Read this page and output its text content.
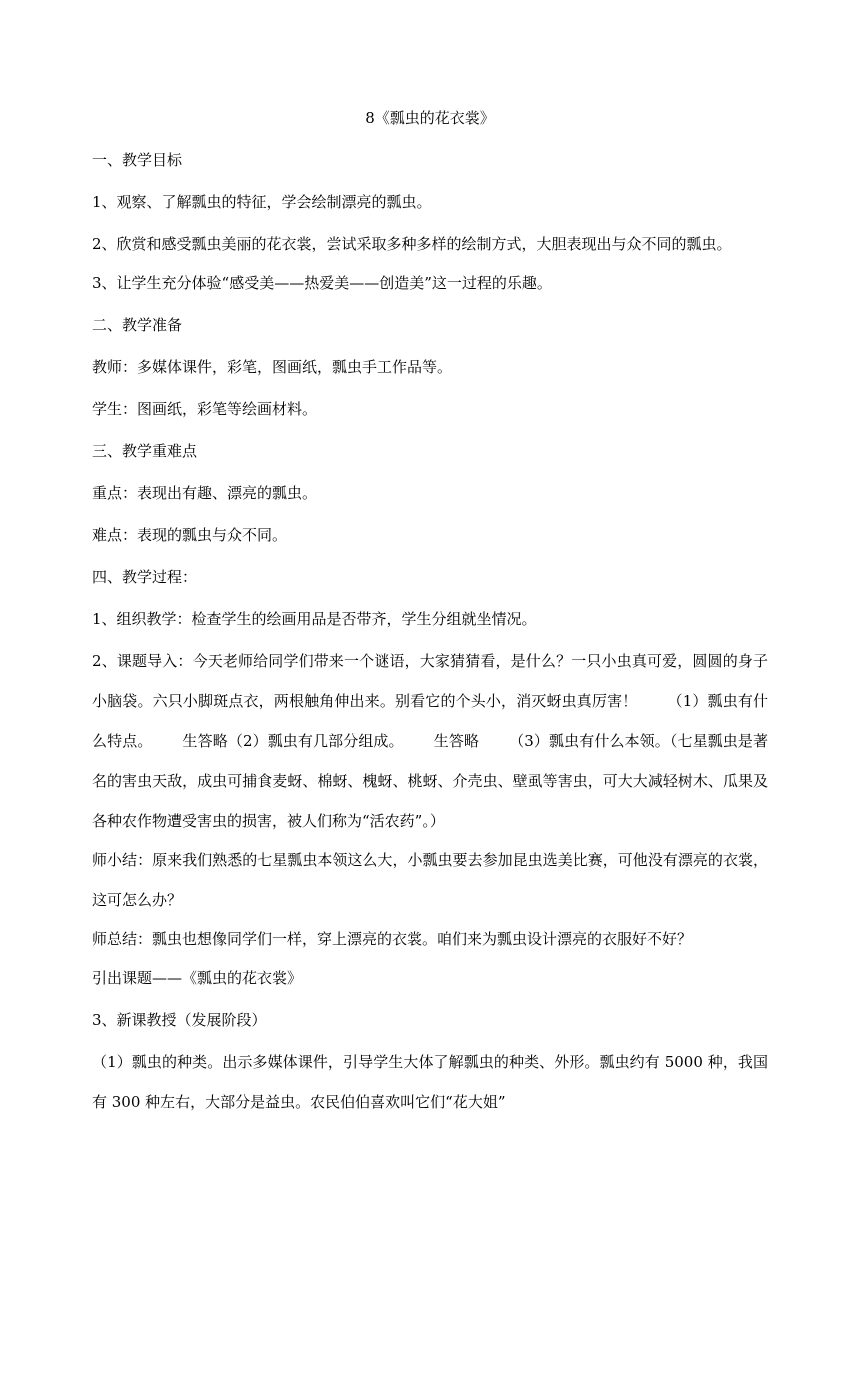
8《瓢虫的花衣裳》

一、教学目标

1、观察、了解瓢虫的特征，学会绘制漂亮的瓢虫。

2、欣赏和感受瓢虫美丽的花衣裳，尝试采取多种多样的绘制方式，大胆表现出与众不同的瓢虫。

3、让学生充分体验“感受美——热爱美——创造美”这一过程的乐趣。

二、教学准备

教师：多媒体课件，彩笔，图画纸，瓢虫手工作品等。

学生：图画纸，彩笔等绘画材料。

三、教学重难点

重点：表现出有趣、漂亮的瓢虫。

难点：表现的瓢虫与众不同。

四、教学过程：

1、组织教学：检查学生的绘画用品是否带齐，学生分组就坐情况。

2、课题导入：今天老师给同学们带来一个谜语，大家猜猜看，是什么？一只小虫真可爱，圆圆的身子小脑袋。六只小脚斑点衣，两根触角伸出来。别看它的个头小，消灭蚜虫真厉害！ （1）瓢虫有什么特点。 生答略（2）瓢虫有几部分组成。 生答略 （3）瓢虫有什么本领。（七星瓢虫是著名的害虫天敌，成虫可捕食麦蚜、棉蚜、槐蚜、桃蚜、介壳虫、壁虱等害虫，可大大减轻树木、瓜果及各种农作物遭受害虫的损害，被人们称为“活农药”。）

师小结：原来我们熟悉的七星瓢虫本领这么大，小瓢虫要去参加昆虫选美比赛，可他没有漂亮的衣裳，这可怎么办？

师总结：瓢虫也想像同学们一样，穿上漂亮的衣裳。咱们来为瓢虫设计漂亮的衣服好不好？

引出课题——《瓢虫的花衣裳》

3、新课教授（发展阶段）

（1）瓢虫的种类。出示多媒体课件，引导学生大体了解瓢虫的种类、外形。瓢虫约有 5000 种，我国有 300 种左右，大部分是益虫。农民伯伯喜欢叫它们“花大姐”
